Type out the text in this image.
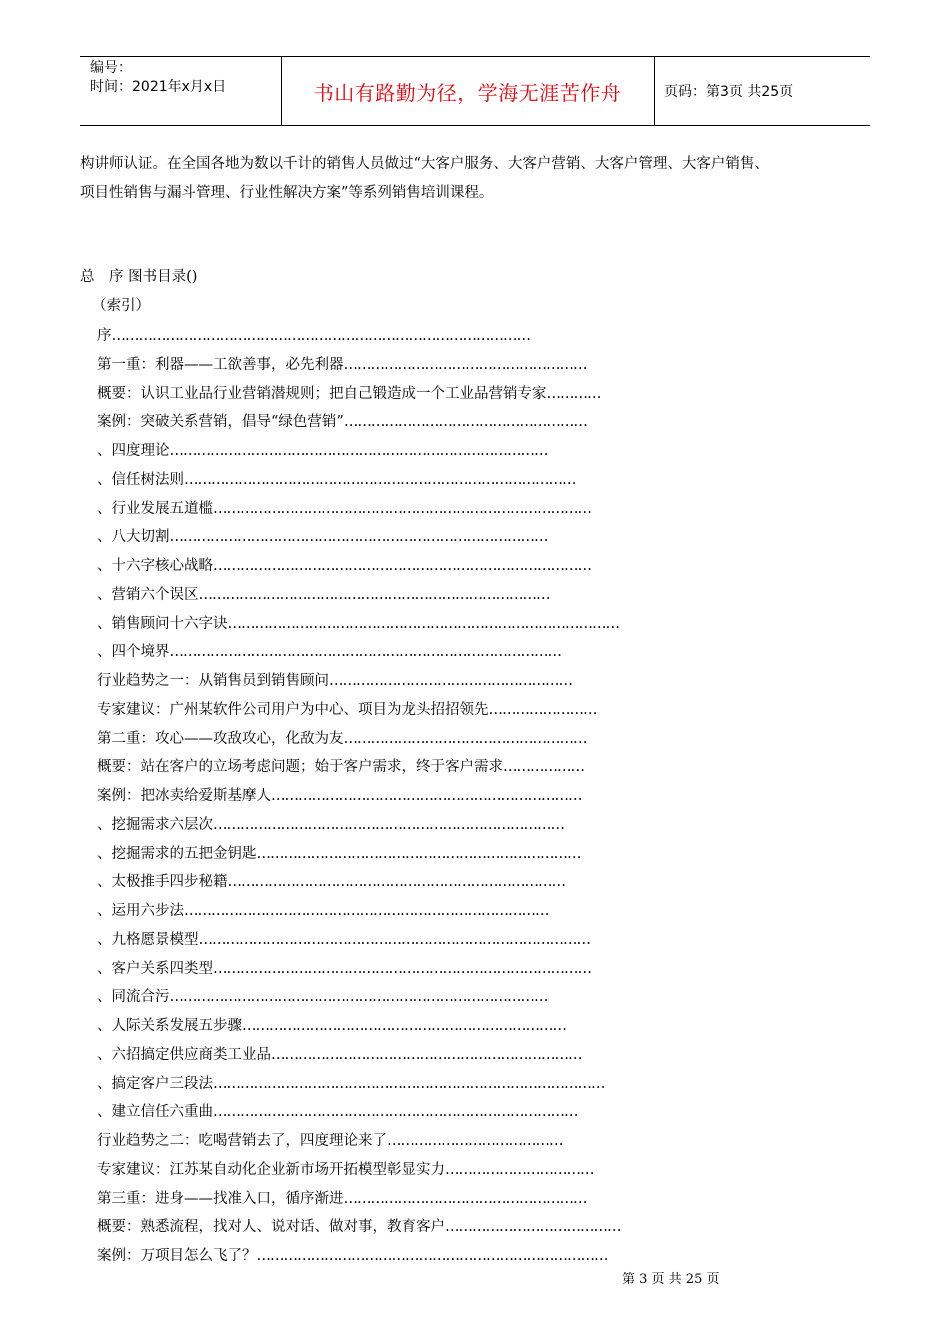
编号：
时间：2021年x月x日	书山有路勤为径，学海无涯苦作舟	页码：第3页 共25页
构讲师认证。在全国各地为数以千计的销售人员做过“大客户服务、大客户营销、大客户管理、大客户销售、
项目性销售与漏斗管理、行业性解决方案”等系列销售培训课程。
总　序 图书目录()
（索引）
序…………………………………………………………………………………
第一重：利器——工欲善事，必先利器………………………………………………
概要：认识工业品行业营销潜规则；把自己锻造成一个工业品营销专家…………
案例：突破关系营销，倡导“绿色营销”………………………………………………
、四度理论…………………………………………………………………………
、信任树法则……………………………………………………………………………
、行业发展五道槛…………………………………………………………………………
、八大切割…………………………………………………………………………
、十六字核心战略…………………………………………………………………………
、营销六个误区……………………………………………………………………
、销售顾问十六字诀……………………………………………………………………………
、四个境界……………………………………………………………………………
行业趋势之一：从销售员到销售顾问………………………………………………
专家建议：广州某软件公司用户为中心、项目为龙头招招领先……………………
第二重：攻心——攻敌攻心，化敌为友………………………………………………
概要：站在客户的立场考虑问题；始于客户需求，终于客户需求………………
案例：把冰卖给爱斯基摩人……………………………………………………………
、挖掘需求六层次……………………………………………………………………
、挖掘需求的五把金钥匙………………………………………………………………
、太极推手四步秘籍…………………………………………………………………
、运用六步法………………………………………………………………………
、九格愿景模型……………………………………………………………………………
、客户关系四类型…………………………………………………………………………
、同流合污…………………………………………………………………………
、人际关系发展五步骤………………………………………………………………
、六招搞定供应商类工业品……………………………………………………………
、搞定客户三段法……………………………………………………………………………
、建立信任六重曲………………………………………………………………………
行业趋势之二：吃喝营销去了，四度理论来了…………………………………
专家建议：江苏某自动化企业新市场开拓模型彰显实力……………………………
第三重：进身——找准入口，循序渐进………………………………………………
概要：熟悉流程，找对人、说对话、做对事，教育客户…………………………………
案例：万项目怎么飞了？……………………………………………………………………
第 3 页 共 25 页
